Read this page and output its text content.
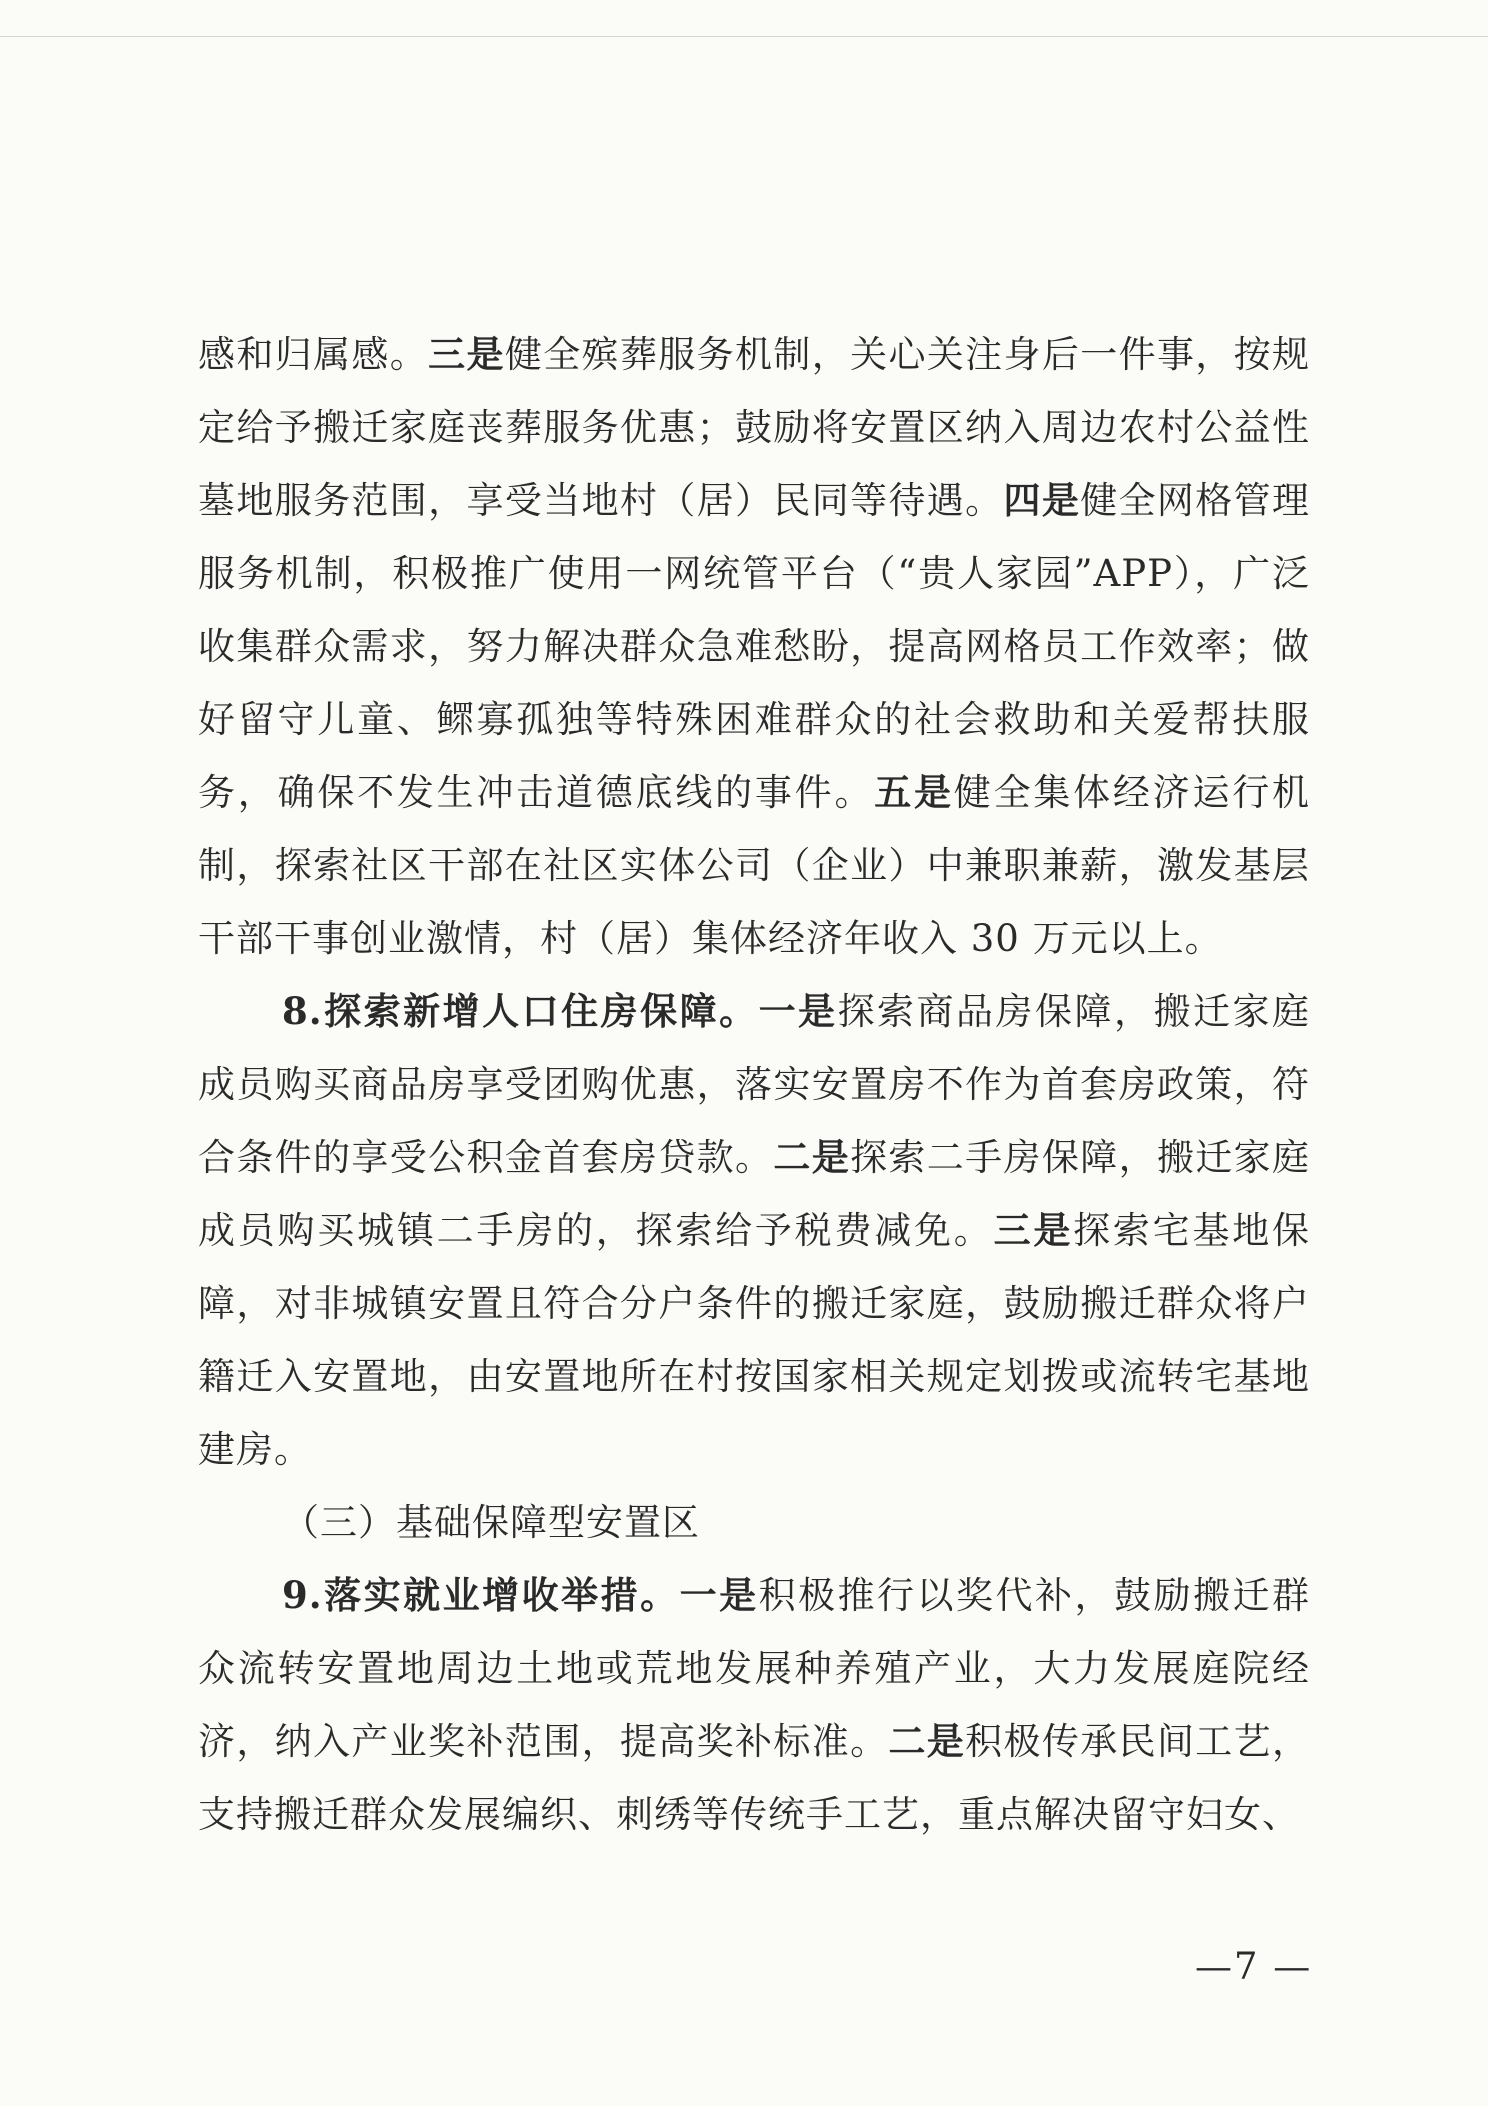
感和归属感。三是健全殡葬服务机制，关心关注身后一件事，按规定给予搬迁家庭丧葬服务优惠；鼓励将安置区纳入周边农村公益性墓地服务范围，享受当地村（居）民同等待遇。四是健全网格管理服务机制，积极推广使用一网统管平台（“贵人家园”APP），广泛收集群众需求，努力解决群众急难愁盼，提高网格员工作效率；做好留守儿童、鳏寡孤独等特殊困难群众的社会救助和关爱帮扶服务，确保不发生冲击道德底线的事件。五是健全集体经济运行机制，探索社区干部在社区实体公司（企业）中兼职兼薪，激发基层干部干事创业激情，村（居）集体经济年收入 30 万元以上。

8.探索新增人口住房保障。一是探索商品房保障，搬迁家庭成员购买商品房享受团购优惠，落实安置房不作为首套房政策，符合条件的享受公积金首套房贷款。二是探索二手房保障，搬迁家庭成员购买城镇二手房的，探索给予税费减免。三是探索宅基地保障，对非城镇安置且符合分户条件的搬迁家庭，鼓励搬迁群众将户籍迁入安置地，由安置地所在村按国家相关规定划拨或流转宅基地建房。

（三）基础保障型安置区

9.落实就业增收举措。一是积极推行以奖代补，鼓励搬迁群众流转安置地周边土地或荒地发展种养殖产业，大力发展庭院经济，纳入产业奖补范围，提高奖补标准。二是积极传承民间工艺，支持搬迁群众发展编织、刺绣等传统手工艺，重点解决留守妇女、

—7 —
